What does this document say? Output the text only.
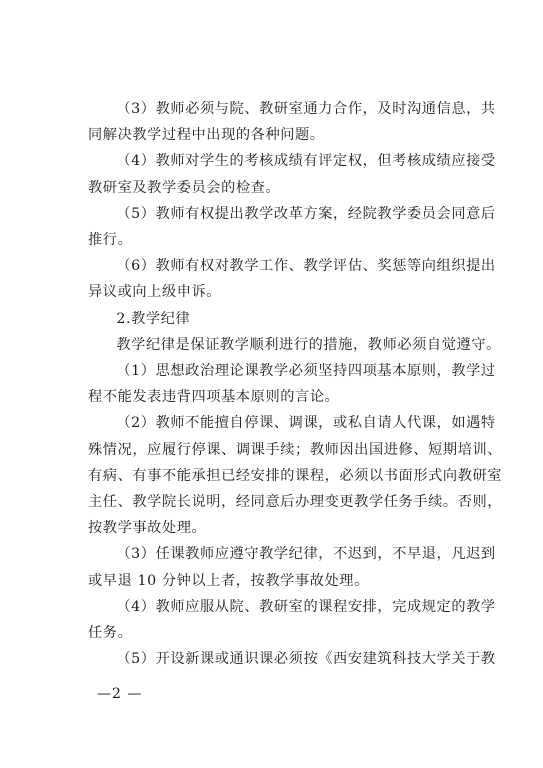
（3）教师必须与院、教研室通力合作，及时沟通信息，共
同解决教学过程中出现的各种问题。

（4）教师对学生的考核成绩有评定权，但考核成绩应接受
教研室及教学委员会的检查。

（5）教师有权提出教学改革方案，经院教学委员会同意后
推行。

（6）教师有权对教学工作、教学评估、奖惩等向组织提出
异议或向上级申诉。

2.教学纪律

教学纪律是保证教学顺利进行的措施，教师必须自觉遵守。

（1）思想政治理论课教学必须坚持四项基本原则，教学过
程不能发表违背四项基本原则的言论。

（2）教师不能擅自停课、调课，或私自请人代课，如遇特
殊情况，应履行停课、调课手续；教师因出国进修、短期培训、
有病、有事不能承担已经安排的课程，必须以书面形式向教研室
主任、教学院长说明，经同意后办理变更教学任务手续。否则，
按教学事故处理。

（3）任课教师应遵守教学纪律，不迟到，不早退，凡迟到
或早退 10 分钟以上者，按教学事故处理。

（4）教师应服从院、教研室的课程安排，完成规定的教学
任务。

（5）开设新课或通识课必须按《西安建筑科技大学关于教

—2 —
